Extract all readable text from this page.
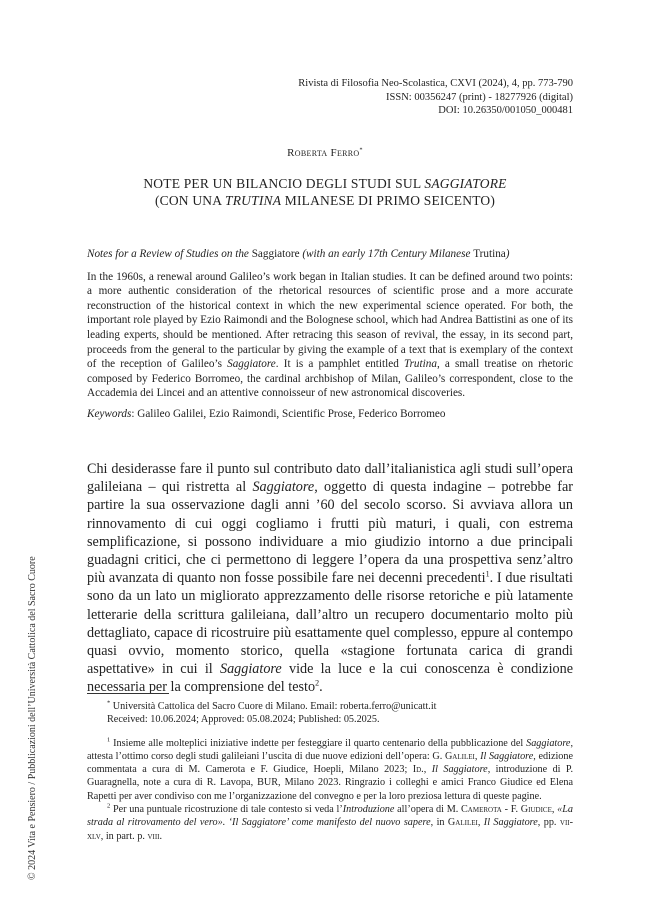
Rivista di Filosofia Neo-Scolastica, CXVI (2024), 4, pp. 773-790
ISSN: 00356247 (print) - 18277926 (digital)
DOI: 10.26350/001050_000481
Roberta Ferro*
NOTE PER UN BILANCIO DEGLI STUDI SUL SAGGIATORE
(CON UNA TRUTINA MILANESE DI PRIMO SEICENTO)
Notes for a Review of Studies on the Saggiatore (with an early 17th Century Milanese Trutina)

In the 1960s, a renewal around Galileo’s work began in Italian studies. It can be defined around two points: a more authentic consideration of the rhetorical resources of scientific prose and a more accurate reconstruction of the historical context in which the new experimental science operated. For both, the important role played by Ezio Raimondi and the Bolognese school, which had Andrea Battistini as one of its leading experts, should be mentioned. After retracing this season of revival, the essay, in its second part, proceeds from the general to the particular by giving the example of a text that is exemplary of the context of the reception of Galileo’s Saggiatore. It is a pamphlet entitled Trutina, a small treatise on rhetoric composed by Federico Borromeo, the cardinal archbishop of Milan, Galileo’s correspondent, close to the Accademia dei Lincei and an attentive connoisseur of new astronomical discoveries.

Keywords: Galileo Galilei, Ezio Raimondi, Scientific Prose, Federico Borromeo

Chi desiderasse fare il punto sul contributo dato dall’italianistica agli studi sull’opera galileiana – qui ristretta al Saggiatore, oggetto di questa indagine – potrebbe far partire la sua osservazione dagli anni ’60 del secolo scorso. Si avviava allora un rinnovamento di cui oggi cogliamo i frutti più maturi, i quali, con estrema semplificazione, si possono individuare a mio giudizio intorno a due principali guadagni critici, che ci permettono di leggere l’opera da una prospettiva senz’altro più avanzata di quanto non fosse possibile fare nei decenni precedenti$^1$. I due risultati sono da un lato un migliorato apprezzamento delle risorse retoriche e più latamente letterarie della scrittura galileiana, dall’altro un recupero documentario molto più dettagliato, capace di ricostruire più esattamente quel complesso, eppure al contempo quasi ovvio, momento storico, quella «stagione fortunata carica di grandi aspettative» in cui il Saggiatore vide la luce e la cui conoscenza è condizione necessaria per la comprensione del testo$^2$.

* Università Cattolica del Sacro Cuore di Milano. Email: roberta.ferro@unicatt.it
Received: 10.06.2024; Approved: 05.08.2024; Published: 05.2025.

$^1$ Insieme alle molteplici iniziative indette per festeggiare il quarto centenario della pubblicazione del Saggiatore, attesta l’ottimo corso degli studi galileiani l’uscita di due nuove edizioni dell’opera: G. Galilei, Il Saggiatore, edizione commentata a cura di M. Camerota e F. Giudice, Hoepli, Milano 2023; Id., Il Saggiatore, introduzione di P. Guaragnella, note a cura di R. Lavopa, BUR, Milano 2023. Ringrazio i colleghi e amici Franco Giudice ed Elena Rapetti per aver condiviso con me l’organizzazione del convegno e per la loro preziosa lettura di queste pagine.

$^2$ Per una puntuale ricostruzione di tale contesto si veda l’Introduzione all’opera di M. Camerota - F. Giudice, «La strada al ritrovamento del vero». ‘Il Saggiatore’ come manifesto del nuovo sapere, in Galilei, Il Saggiatore, pp. vii-xlv, in part. p. viii.

© 2024 Vita e Pensiero / Pubblicazioni dell’Università Cattolica del Sacro Cuore
